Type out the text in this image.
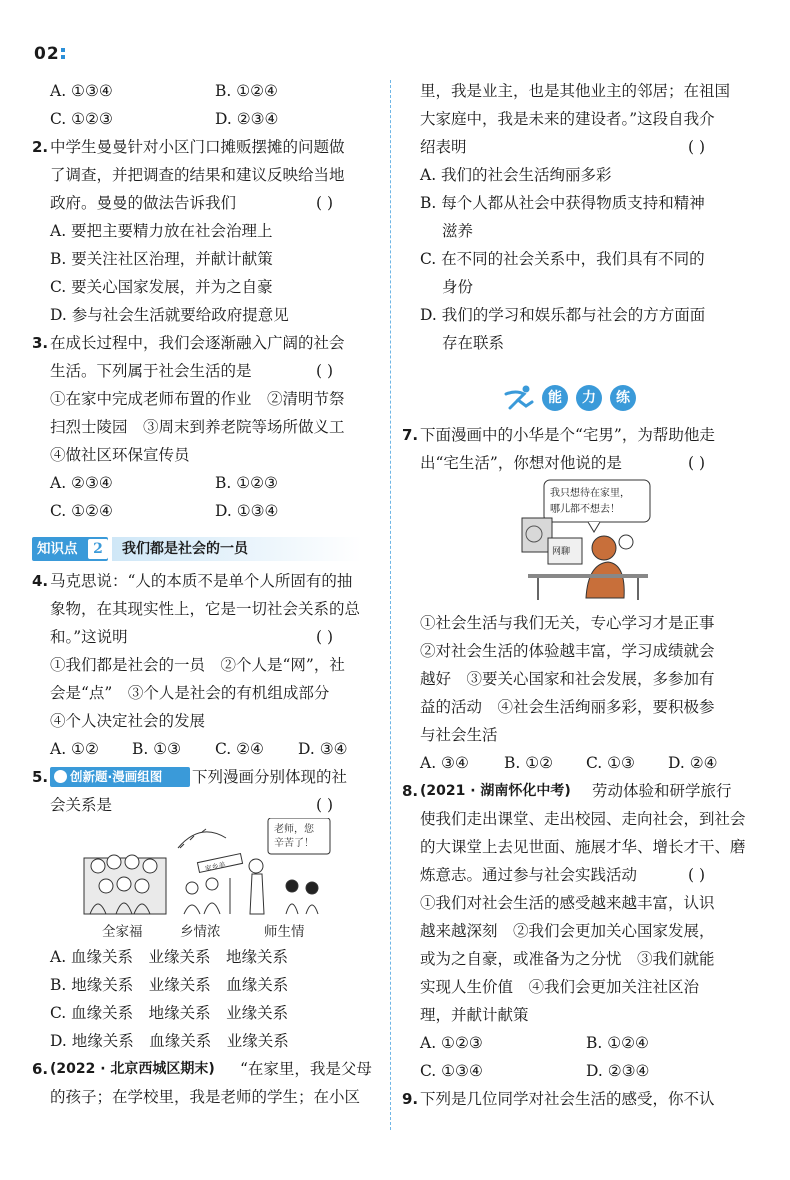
02
A. ①③④	B. ①②④
C. ①②③	D. ②③④
2. 中学生曼曼针对小区门口摊贩摆摊的问题做
了调查，并把调查的结果和建议反映给当地
政府。曼曼的做法告诉我们	( )
A. 要把主要精力放在社会治理上
B. 要关注社区治理，并献计献策
C. 要关心国家发展，并为之自豪
D. 参与社会生活就要给政府提意见
3. 在成长过程中，我们会逐渐融入广阔的社会
生活。下列属于社会生活的是	( )
①在家中完成老师布置的作业　②清明节祭
扫烈士陵园　③周末到养老院等场所做义工
④做社区环保宣传员
A. ②③④	B. ①②③
C. ①②④	D. ①③④
知识点	2	我们都是社会的一员
4. 马克思说：“人的本质不是单个人所固有的抽
象物，在其现实性上，它是一切社会关系的总
和。”这说明	( )
①我们都是社会的一员　②个人是“网”，社
会是“点”　③个人是社会的有机组成部分
④个人决定社会的发展
A. ①② B. ①③ C. ②④ D. ③④
5.	创新题·漫画组图	下列漫画分别体现的社
会关系是	( )
家乡美
老师，您
辛苦了！
全家福	乡情浓	师生情
A. 血缘关系　业缘关系　地缘关系
B. 地缘关系　业缘关系　血缘关系
C. 血缘关系　地缘关系　业缘关系
D. 地缘关系　血缘关系　业缘关系
6. (2022 · 北京西城区期末) “在家里，我是父母
的孩子；在学校里，我是老师的学生；在小区
里，我是业主，也是其他业主的邻居；在祖国
大家庭中，我是未来的建设者。”这段自我介
绍表明	( )
A. 我们的社会生活绚丽多彩
B. 每个人都从社会中获得物质支持和精神
滋养
C. 在不同的社会关系中，我们具有不同的
身份
D. 我们的学习和娱乐都与社会的方方面面
存在联系
能	力	练
7. 下面漫画中的小华是个“宅男”，为帮助他走
出“宅生活”，你想对他说的是	( )
我只想待在家里，
哪儿都不想去！
网聊
①社会生活与我们无关，专心学习才是正事
②对社会生活的体验越丰富，学习成绩就会
越好　③要关心国家和社会发展，多参加有
益的活动　④社会生活绚丽多彩，要积极参
与社会生活
A. ③④ B. ①② C. ①③ D. ②④
8. (2021 · 湖南怀化中考) 劳动体验和研学旅行
使我们走出课堂、走出校园、走向社会，到社会
的大课堂上去见世面、施展才华、增长才干、磨
炼意志。通过参与社会实践活动	( )
①我们对社会生活的感受越来越丰富，认识
越来越深刻　②我们会更加关心国家发展，
或为之自豪，或准备为之分忧　③我们就能
实现人生价值　④我们会更加关注社区治
理，并献计献策
A. ①②③	B. ①②④
C. ①③④	D. ②③④
9. 下列是几位同学对社会生活的感受，你不认
